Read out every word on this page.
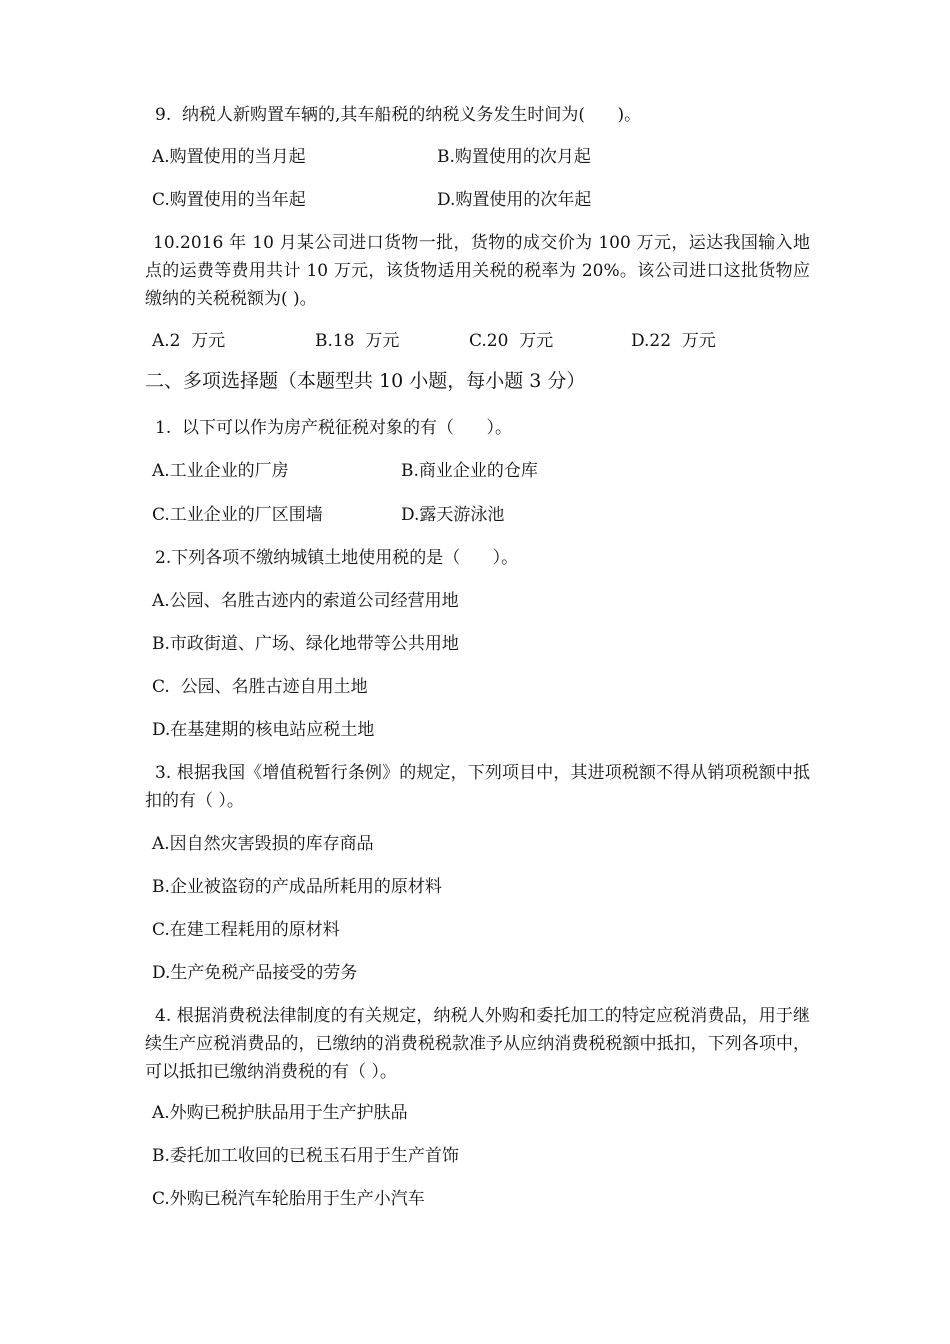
9.  纳税人新购置车辆的,其车船税的纳税义务发生时间为(      )。
A.购置使用的当月起	B.购置使用的次月起
C.购置使用的当年起	D.购置使用的次年起
10.2016 年 10 月某公司进口货物一批，货物的成交价为 100 万元，运达我国输入地点的运费等费用共计 10 万元，该货物适用关税的税率为 20%。该公司进口这批货物应缴纳的关税税额为( )。
A.2  万元	B.18  万元	C.20  万元	D.22  万元
二、多项选择题（本题型共 10 小题，每小题 3 分）
1.  以下可以作为房产税征税对象的有（      ）。
A.工业企业的厂房	B.商业企业的仓库
C.工业企业的厂区围墙	D.露天游泳池
2.下列各项不缴纳城镇土地使用税的是（      ）。
A.公园、名胜古迹内的索道公司经营用地
B.市政街道、广场、绿化地带等公共用地
C.  公园、名胜古迹自用土地
D.在基建期的核电站应税土地
3. 根据我国《增值税暂行条例》的规定，下列项目中，其进项税额不得从销项税额中抵扣的有（ ）。
A.因自然灾害毁损的库存商品
B.企业被盗窃的产成品所耗用的原材料
C.在建工程耗用的原材料
D.生产免税产品接受的劳务
4. 根据消费税法律制度的有关规定，纳税人外购和委托加工的特定应税消费品，用于继续生产应税消费品的，已缴纳的消费税税款准予从应纳消费税税额中抵扣，下列各项中，可以抵扣已缴纳消费税的有（ ）。
A.外购已税护肤品用于生产护肤品
B.委托加工收回的已税玉石用于生产首饰
C.外购已税汽车轮胎用于生产小汽车
